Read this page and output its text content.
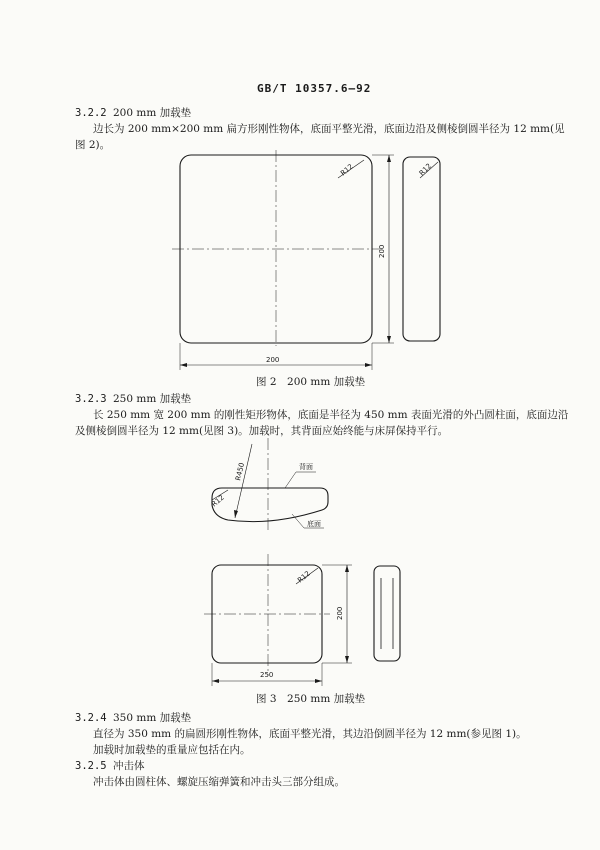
GB/T 10357.6—92
3.2.2 200 mm 加载垫
边长为 200 mm×200 mm 扁方形刚性物体，底面平整光滑，底面边沿及侧棱倒圆半径为 12 mm(见
图 2)。
R12	R12
200
200
图 2　200 mm 加载垫
3.2.3 250 mm 加载垫
长 250 mm 宽 200 mm 的刚性矩形物体，底面是半径为 450 mm 表面光滑的外凸圆柱面，底面边沿
及侧棱倒圆半径为 12 mm(见图 3)。加载时，其背面应始终能与床屏保持平行。
R450
R12
背面
底面
R12
200
250
图 3　250 mm 加载垫
3.2.4 350 mm 加载垫
直径为 350 mm 的扁圆形刚性物体，底面平整光滑，其边沿倒圆半径为 12 mm(参见图 1)。
加载时加载垫的重量应包括在内。
3.2.5 冲击体
冲击体由圆柱体、螺旋压缩弹簧和冲击头三部分组成。
